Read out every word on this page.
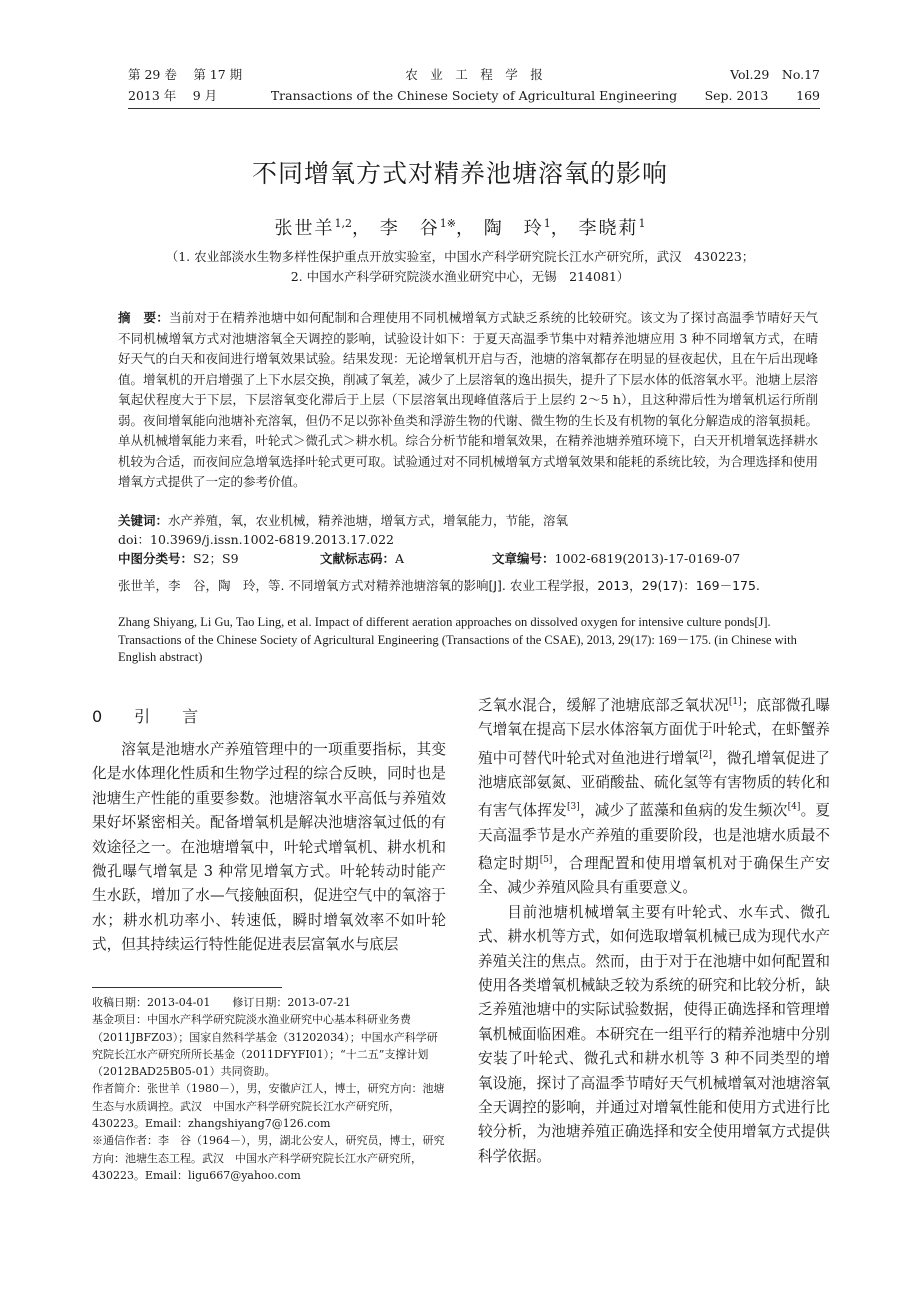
第 29 卷　 第 17 期	农　业　工　程　学　报	Vol.29　No.17
2013 年　 9 月	Transactions of the Chinese Society of Agricultural Engineering	Sep. 2013 169
不同增氧方式对精养池塘溶氧的影响
张世羊$^{1,2}$， 李　谷$^{1※}$， 陶　玲$^1$， 李晓莉$^1$
（1. 农业部淡水生物多样性保护重点开放实验室，中国水产科学研究院长江水产研究所，武汉　430223；
2. 中国水产科学研究院淡水渔业研究中心，无锡　214081）
摘　要：当前对于在精养池塘中如何配制和合理使用不同机械增氧方式缺乏系统的比较研究。该文为了探讨高温季节晴好天气不同机械增氧方式对池塘溶氧全天调控的影响，试验设计如下：于夏天高温季节集中对精养池塘应用 3 种不同增氧方式，在晴好天气的白天和夜间进行增氧效果试验。结果发现：无论增氧机开启与否，池塘的溶氧都存在明显的昼夜起伏，且在午后出现峰值。增氧机的开启增强了上下水层交换，削减了氧差，减少了上层溶氧的逸出损失，提升了下层水体的低溶氧水平。池塘上层溶氧起伏程度大于下层，下层溶氧变化滞后于上层（下层溶氧出现峰值落后于上层约 2～5 h），且这种滞后性为增氧机运行所削弱。夜间增氧能向池塘补充溶氧，但仍不足以弥补鱼类和浮游生物的代谢、微生物的生长及有机物的氧化分解造成的溶氧损耗。单从机械增氧能力来看，叶轮式＞微孔式＞耕水机。综合分析节能和增氧效果，在精养池塘养殖环境下，白天开机增氧选择耕水机较为合适，而夜间应急增氧选择叶轮式更可取。试验通过对不同机械增氧方式增氧效果和能耗的系统比较，为合理选择和使用增氧方式提供了一定的参考价值。
关键词：水产养殖，氧，农业机械，精养池塘，增氧方式，增氧能力，节能，溶氧
doi：10.3969/j.issn.1002-6819.2013.17.022
中图分类号：S2；S9	文献标志码：A	文章编号：1002-6819(2013)-17-0169-07
张世羊，李　谷，陶　玲，等. 不同增氧方式对精养池塘溶氧的影响[J]. 农业工程学报，2013，29(17)：169－175.
Zhang Shiyang, Li Gu, Tao Ling, et al. Impact of different aeration approaches on dissolved oxygen for intensive culture ponds[J]. Transactions of the Chinese Society of Agricultural Engineering (Transactions of the CSAE), 2013, 29(17): 169－175. (in Chinese with English abstract)
0　引　言

溶氧是池塘水产养殖管理中的一项重要指标，其变化是水体理化性质和生物学过程的综合反映，同时也是池塘生产性能的重要参数。池塘溶氧水平高低与养殖效果好坏紧密相关。配备增氧机是解决池塘溶氧过低的有效途径之一。在池塘增氧中，叶轮式增氧机、耕水机和微孔曝气增氧是 3 种常见增氧方式。叶轮转动时能产生水跃，增加了水—气接触面积，促进空气中的氧溶于水；耕水机功率小、转速低，瞬时增氧效率不如叶轮式，但其持续运行特性能促进表层富氧水与底层

收稿日期：2013-04-01　　修订日期：2013-07-21

基金项目：中国水产科学研究院淡水渔业研究中心基本科研业务费（2011JBFZ03）；国家自然科学基金（31202034）；中国水产科学研究院长江水产研究所所长基金（2011DFYFI01）；“十二五”支撑计划（2012BAD25B05-01）共同资助。

作者简介：张世羊（1980－），男，安徽庐江人，博士，研究方向：池塘生态与水质调控。武汉　中国水产科学研究院长江水产研究所，430223。Email：zhangshiyang7@126.com

※通信作者：李　谷（1964－），男，湖北公安人，研究员，博士，研究方向：池塘生态工程。武汉　中国水产科学研究院长江水产研究所，430223。Email：ligu667@yahoo.com

乏氧水混合，缓解了池塘底部乏氧状况[1]；底部微孔曝气增氧在提高下层水体溶氧方面优于叶轮式，在虾蟹养殖中可替代叶轮式对鱼池进行增氧[2]，微孔增氧促进了池塘底部氨氮、亚硝酸盐、硫化氢等有害物质的转化和有害气体挥发[3]，减少了蓝藻和鱼病的发生频次[4]。夏天高温季节是水产养殖的重要阶段，也是池塘水质最不稳定时期[5]，合理配置和使用增氧机对于确保生产安全、减少养殖风险具有重要意义。

目前池塘机械增氧主要有叶轮式、水车式、微孔式、耕水机等方式，如何选取增氧机械已成为现代水产养殖关注的焦点。然而，由于对于在池塘中如何配置和使用各类增氧机械缺乏较为系统的研究和比较分析，缺乏养殖池塘中的实际试验数据，使得正确选择和管理增氧机械面临困难。本研究在一组平行的精养池塘中分别安装了叶轮式、微孔式和耕水机等 3 种不同类型的增氧设施，探讨了高温季节晴好天气机械增氧对池塘溶氧全天调控的影响，并通过对增氧性能和使用方式进行比较分析，为池塘养殖正确选择和安全使用增氧方式提供科学依据。
